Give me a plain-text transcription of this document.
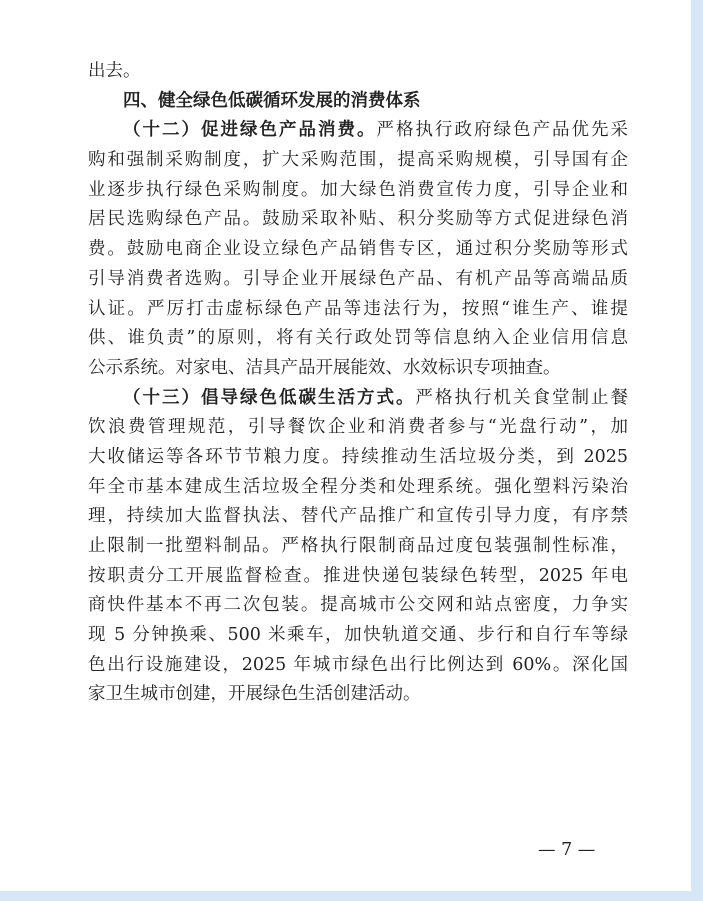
出去。
四、健全绿色低碳循环发展的消费体系
（十二）促进绿色产品消费。严格执行政府绿色产品优先采
购和强制采购制度，扩大采购范围，提高采购规模，引导国有企
业逐步执行绿色采购制度。加大绿色消费宣传力度，引导企业和
居民选购绿色产品。鼓励采取补贴、积分奖励等方式促进绿色消
费。鼓励电商企业设立绿色产品销售专区，通过积分奖励等形式
引导消费者选购。引导企业开展绿色产品、有机产品等高端品质
认证。严厉打击虚标绿色产品等违法行为，按照“谁生产、谁提
供、谁负责”的原则，将有关行政处罚等信息纳入企业信用信息
公示系统。对家电、洁具产品开展能效、水效标识专项抽查。
（十三）倡导绿色低碳生活方式。严格执行机关食堂制止餐
饮浪费管理规范，引导餐饮企业和消费者参与“光盘行动”，加
大收储运等各环节节粮力度。持续推动生活垃圾分类，到 2025
年全市基本建成生活垃圾全程分类和处理系统。强化塑料污染治
理，持续加大监督执法、替代产品推广和宣传引导力度，有序禁
止限制一批塑料制品。严格执行限制商品过度包装强制性标准，
按职责分工开展监督检查。推进快递包装绿色转型，2025 年电
商快件基本不再二次包装。提高城市公交网和站点密度，力争实
现 5 分钟换乘、500 米乘车，加快轨道交通、步行和自行车等绿
色出行设施建设，2025 年城市绿色出行比例达到 60%。深化国
家卫生城市创建，开展绿色生活创建活动。
— 7 —
